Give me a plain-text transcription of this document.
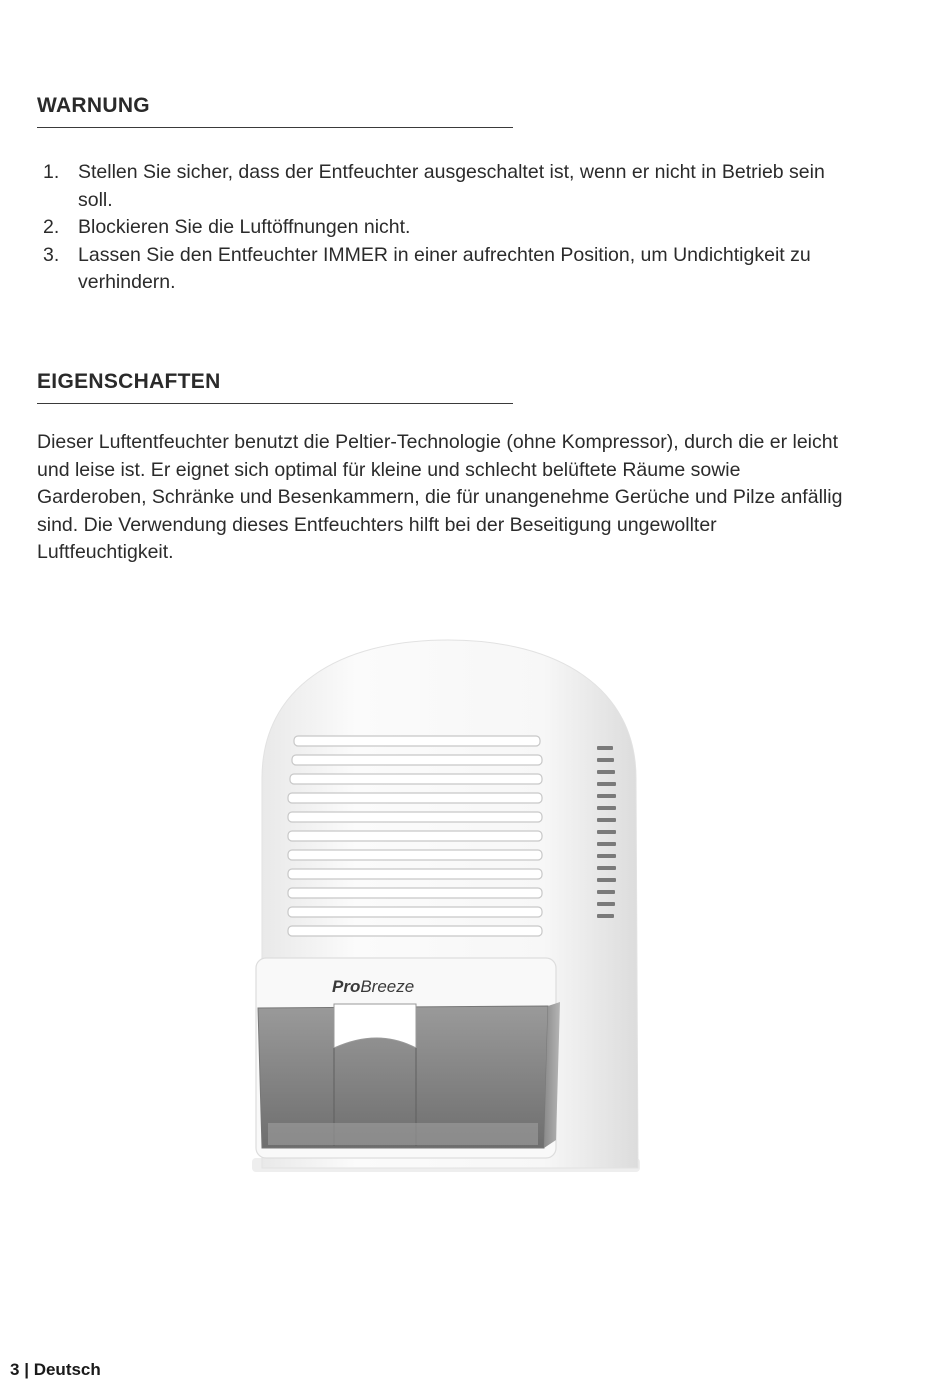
WARNUNG
1. Stellen Sie sicher, dass der Entfeuchter ausgeschaltet ist, wenn er nicht in Betrieb sein soll.
2. Blockieren Sie die Luftöffnungen nicht.
3. Lassen Sie den Entfeuchter IMMER in einer aufrechten Position, um Undichtigkeit zu verhindern.
EIGENSCHAFTEN

Dieser Luftentfeuchter benutzt die Peltier-Technologie (ohne Kompressor), durch die er leicht und leise ist. Er eignet sich optimal für kleine und schlecht belüftete Räume sowie Garderoben, Schränke und Besenkammern, die für unangenehme Gerüche und Pilze anfällig sind. Die Verwendung dieses Entfeuchters hilft bei der Beseitigung ungewollter Luftfeuchtigkeit.

ProBreeze
3 | Deutsch
